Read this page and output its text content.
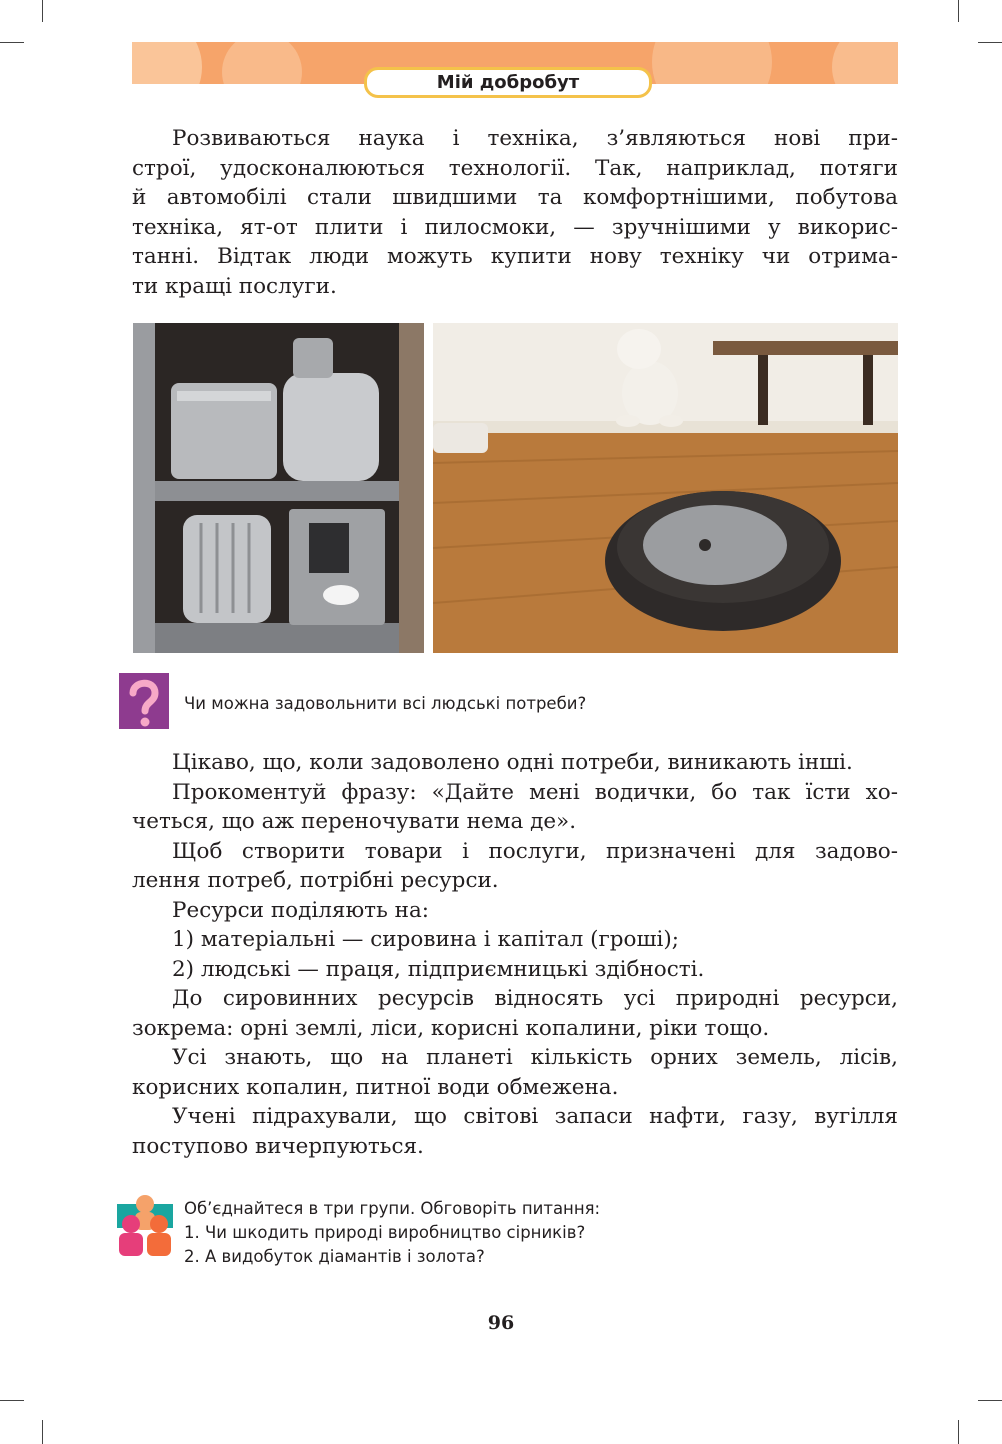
Мій добробут
Розвиваються наука і техніка, з’являються нові при-
строї, удосконалюються технології. Так, наприклад, потяги
й автомобілі стали швидшими та комфортнішими, побутова
техніка, ят-от плити і пилосмоки, — зручнішими у викорис-
танні. Відтак люди можуть купити нову техніку чи отрима-
ти кращі послуги.
Чи можна задовольнити всі людські потреби?
Цікаво, що, коли задоволено одні потреби, виникають інші.
Прокоментуй фразу: «Дайте мені водички, бо так їсти хо-
четься, що аж переночувати нема де».
Щоб створити товари і послуги, призначені для задово-
лення потреб, потрібні ресурси.
Ресурси поділяють на:
1) матеріальні — сировина і капітал (гроші);
2) людські — праця, підприємницькі здібності.
До сировинних ресурсів відносять усі природні ресурси,
зокрема: орні землі, ліси, корисні копалини, ріки тощо.
Усі знають, що на планеті кількість орних земель, лісів,
корисних копалин, питної води обмежена.
Учені підрахували, що світові запаси нафти, газу, вугілля
поступово вичерпуються.
Об’єднайтеся в три групи. Обговоріть питання:
1. Чи шкодить природі виробництво сірників?
2. А видобуток діамантів і золота?
96
